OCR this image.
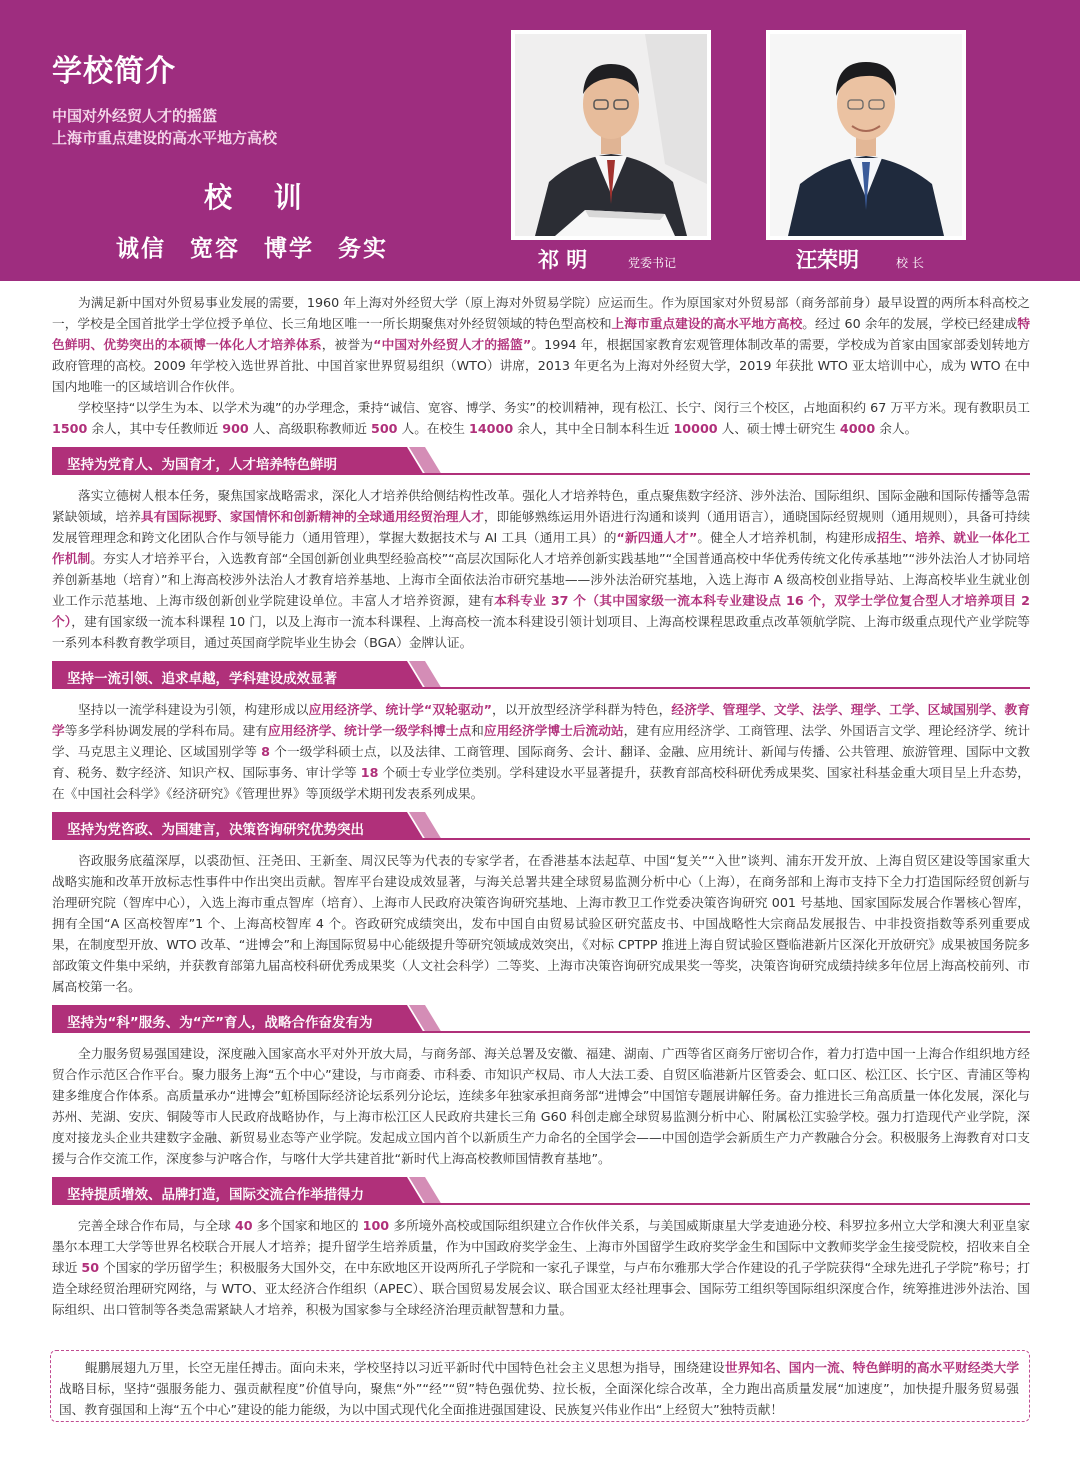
学校简介
中国对外经贸人才的摇篮
上海市重点建设的高水平地方高校
校 训
诚信 宽容 博学 务实	祁 明	党委书记	汪荣明	校 长

为满足新中国对外贸易事业发展的需要，1960 年上海对外经贸大学（原上海对外贸易学院）应运而生。作为原国家对外贸易部（商务部前身）最早设置的两所本科高校之一，学校是全国首批学士学位授予单位、长三角地区唯一一所长期聚焦对外经贸领域的特色型高校和上海市重点建设的高水平地方高校。经过 60 余年的发展，学校已经建成特色鲜明、优势突出的本硕博一体化人才培养体系，被誉为“中国对外经贸人才的摇篮”。1994 年，根据国家教育宏观管理体制改革的需要，学校成为首家由国家部委划转地方政府管理的高校。2009 年学校入选世界首批、中国首家世界贸易组织（WTO）讲席，2013 年更名为上海对外经贸大学，2019 年获批 WTO 亚太培训中心，成为 WTO 在中国内地唯一的区域培训合作伙伴。

学校坚持“以学生为本、以学术为魂”的办学理念，秉持“诚信、宽容、博学、务实”的校训精神，现有松江、长宁、闵行三个校区，占地面积约 67 万平方米。现有教职员工 1500 余人，其中专任教师近 900 人、高级职称教师近 500 人。在校生 14000 余人，其中全日制本科生近 10000 人、硕士博士研究生 4000 余人。

坚持为党育人、为国育才，人才培养特色鲜明

落实立德树人根本任务，聚焦国家战略需求，深化人才培养供给侧结构性改革。强化人才培养特色，重点聚焦数字经济、涉外法治、国际组织、国际金融和国际传播等急需紧缺领域，培养具有国际视野、家国情怀和创新精神的全球通用经贸治理人才，即能够熟练运用外语进行沟通和谈判（通用语言），通晓国际经贸规则（通用规则），具备可持续发展管理理念和跨文化团队合作与领导能力（通用管理），掌握大数据技术与 AI 工具（通用工具）的“新四通人才”。健全人才培养机制，构建形成招生、培养、就业一体化工作机制。夯实人才培养平台，入选教育部“全国创新创业典型经验高校”“高层次国际化人才培养创新实践基地”“全国普通高校中华优秀传统文化传承基地”“涉外法治人才协同培养创新基地（培育）”和上海高校涉外法治人才教育培养基地、上海市全面依法治市研究基地——涉外法治研究基地，入选上海市 A 级高校创业指导站、上海高校毕业生就业创业工作示范基地、上海市级创新创业学院建设单位。丰富人才培养资源，建有本科专业 37 个（其中国家级一流本科专业建设点 16 个，双学士学位复合型人才培养项目 2 个），建有国家级一流本科课程 10 门，以及上海市一流本科课程、上海高校一流本科建设引领计划项目、上海高校课程思政重点改革领航学院、上海市级重点现代产业学院等一系列本科教育教学项目，通过英国商学院毕业生协会（BGA）金牌认证。

坚持一流引领、追求卓越，学科建设成效显著

坚持以一流学科建设为引领，构建形成以应用经济学、统计学“双轮驱动”，以开放型经济学科群为特色，经济学、管理学、文学、法学、理学、工学、区域国别学、教育学等多学科协调发展的学科布局。建有应用经济学、统计学一级学科博士点和应用经济学博士后流动站，建有应用经济学、工商管理、法学、外国语言文学、理论经济学、统计学、马克思主义理论、区域国别学等 8 个一级学科硕士点，以及法律、工商管理、国际商务、会计、翻译、金融、应用统计、新闻与传播、公共管理、旅游管理、国际中文教育、税务、数字经济、知识产权、国际事务、审计学等 18 个硕士专业学位类别。学科建设水平显著提升，获教育部高校科研优秀成果奖、国家社科基金重大项目呈上升态势，在《中国社会科学》《经济研究》《管理世界》等顶级学术期刊发表系列成果。

坚持为党咨政、为国建言，决策咨询研究优势突出

咨政服务底蕴深厚，以裘劭恒、汪尧田、王新奎、周汉民等为代表的专家学者，在香港基本法起草、中国“复关”“入世”谈判、浦东开发开放、上海自贸区建设等国家重大战略实施和改革开放标志性事件中作出突出贡献。智库平台建设成效显著，与海关总署共建全球贸易监测分析中心（上海），在商务部和上海市支持下全力打造国际经贸创新与治理研究院（智库中心），入选上海市重点智库（培育）、上海市人民政府决策咨询研究基地、上海市教卫工作党委决策咨询研究 001 号基地、国家国际发展合作署核心智库，拥有全国“A 区高校智库”1 个、上海高校智库 4 个。咨政研究成绩突出，发布中国自由贸易试验区研究蓝皮书、中国战略性大宗商品发展报告、中非投资指数等系列重要成果，在制度型开放、WTO 改革、“进博会”和上海国际贸易中心能级提升等研究领域成效突出，《对标 CPTPP 推进上海自贸试验区暨临港新片区深化开放研究》成果被国务院多部政策文件集中采纳，并获教育部第九届高校科研优秀成果奖（人文社会科学）二等奖、上海市决策咨询研究成果奖一等奖，决策咨询研究成绩持续多年位居上海高校前列、市属高校第一名。

坚持为“科”服务、为“产”育人，战略合作奋发有为

全力服务贸易强国建设，深度融入国家高水平对外开放大局，与商务部、海关总署及安徽、福建、湖南、广西等省区商务厅密切合作，着力打造中国一上海合作组织地方经贸合作示范区合作平台。聚力服务上海“五个中心”建设，与市商委、市科委、市知识产权局、市人大法工委、自贸区临港新片区管委会、虹口区、松江区、长宁区、青浦区等构建多维度合作体系。高质量承办“进博会”虹桥国际经济论坛系列分论坛，连续多年独家承担商务部“进博会”中国馆专题展讲解任务。奋力推进长三角高质量一体化发展，深化与苏州、芜湖、安庆、铜陵等市人民政府战略协作，与上海市松江区人民政府共建长三角 G60 科创走廊全球贸易监测分析中心、附属松江实验学校。强力打造现代产业学院，深度对接龙头企业共建数字金融、新贸易业态等产业学院。发起成立国内首个以新质生产力命名的全国学会——中国创造学会新质生产力产教融合分会。积极服务上海教育对口支援与合作交流工作，深度参与沪喀合作，与喀什大学共建首批“新时代上海高校教师国情教育基地”。

坚持提质增效、品牌打造，国际交流合作举措得力

完善全球合作布局，与全球 40 多个国家和地区的 100 多所境外高校或国际组织建立合作伙伴关系，与美国威斯康星大学麦迪逊分校、科罗拉多州立大学和澳大利亚皇家墨尔本理工大学等世界名校联合开展人才培养；提升留学生培养质量，作为中国政府奖学金生、上海市外国留学生政府奖学金生和国际中文教师奖学金生接受院校，招收来自全球近 50 个国家的学历留学生；积极服务大国外交，在中东欧地区开设两所孔子学院和一家孔子课堂，与卢布尔雅那大学合作建设的孔子学院获得“全球先进孔子学院”称号；打造全球经贸治理研究网络，与 WTO、亚太经济合作组织（APEC）、联合国贸易发展会议、联合国亚太经社理事会、国际劳工组织等国际组织深度合作，统筹推进涉外法治、国际组织、出口管制等各类急需紧缺人才培养，积极为国家参与全球经济治理贡献智慧和力量。

鲲鹏展翅九万里，长空无崖任搏击。面向未来，学校坚持以习近平新时代中国特色社会主义思想为指导，围绕建设世界知名、国内一流、特色鲜明的高水平财经类大学战略目标，坚持“强服务能力、强贡献程度”价值导向，聚焦“外”“经”“贸”特色强优势、拉长板，全面深化综合改革，全力跑出高质量发展“加速度”，加快提升服务贸易强国、教育强国和上海“五个中心”建设的能力能级，为以中国式现代化全面推进强国建设、民族复兴伟业作出“上经贸大”独特贡献！
